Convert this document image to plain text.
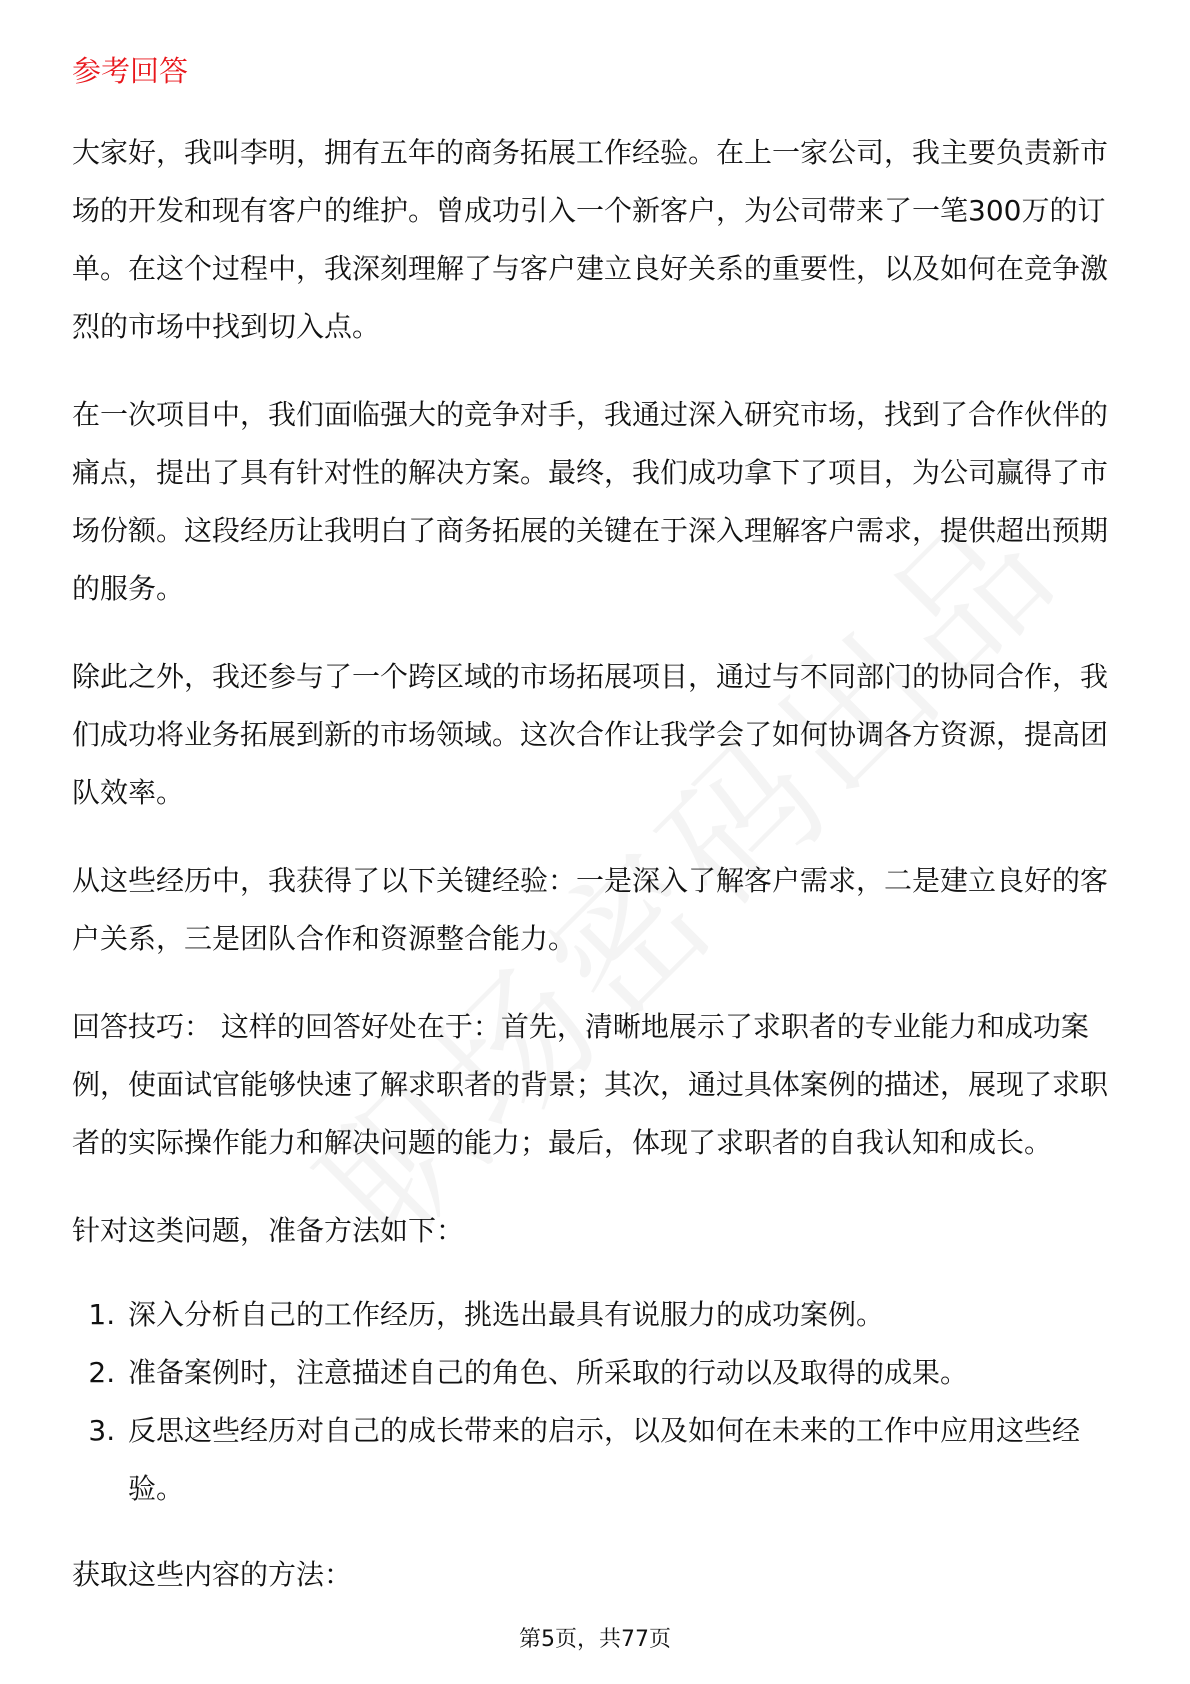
参考回答

大家好，我叫李明，拥有五年的商务拓展工作经验。在上一家公司，我主要负责新市场的开发和现有客户的维护。曾成功引入一个新客户，为公司带来了一笔300万的订单。在这个过程中，我深刻理解了与客户建立良好关系的重要性，以及如何在竞争激烈的市场中找到切入点。

在一次项目中，我们面临强大的竞争对手，我通过深入研究市场，找到了合作伙伴的痛点，提出了具有针对性的解决方案。最终，我们成功拿下了项目，为公司赢得了市场份额。这段经历让我明白了商务拓展的关键在于深入理解客户需求，提供超出预期的服务。

除此之外，我还参与了一个跨区域的市场拓展项目，通过与不同部门的协同合作，我们成功将业务拓展到新的市场领域。这次合作让我学会了如何协调各方资源，提高团队效率。

从这些经历中，我获得了以下关键经验：一是深入了解客户需求，二是建立良好的客户关系，三是团队合作和资源整合能力。

回答技巧： 这样的回答好处在于：首先，清晰地展示了求职者的专业能力和成功案例，使面试官能够快速了解求职者的背景；其次，通过具体案例的描述，展现了求职者的实际操作能力和解决问题的能力；最后，体现了求职者的自我认知和成长。

针对这类问题，准备方法如下：

1. 深入分析自己的工作经历，挑选出最具有说服力的成功案例。
2. 准备案例时，注意描述自己的角色、所采取的行动以及取得的成果。
3. 反思这些经历对自己的成长带来的启示，以及如何在未来的工作中应用这些经验。

获取这些内容的方法：

第5页，共77页
